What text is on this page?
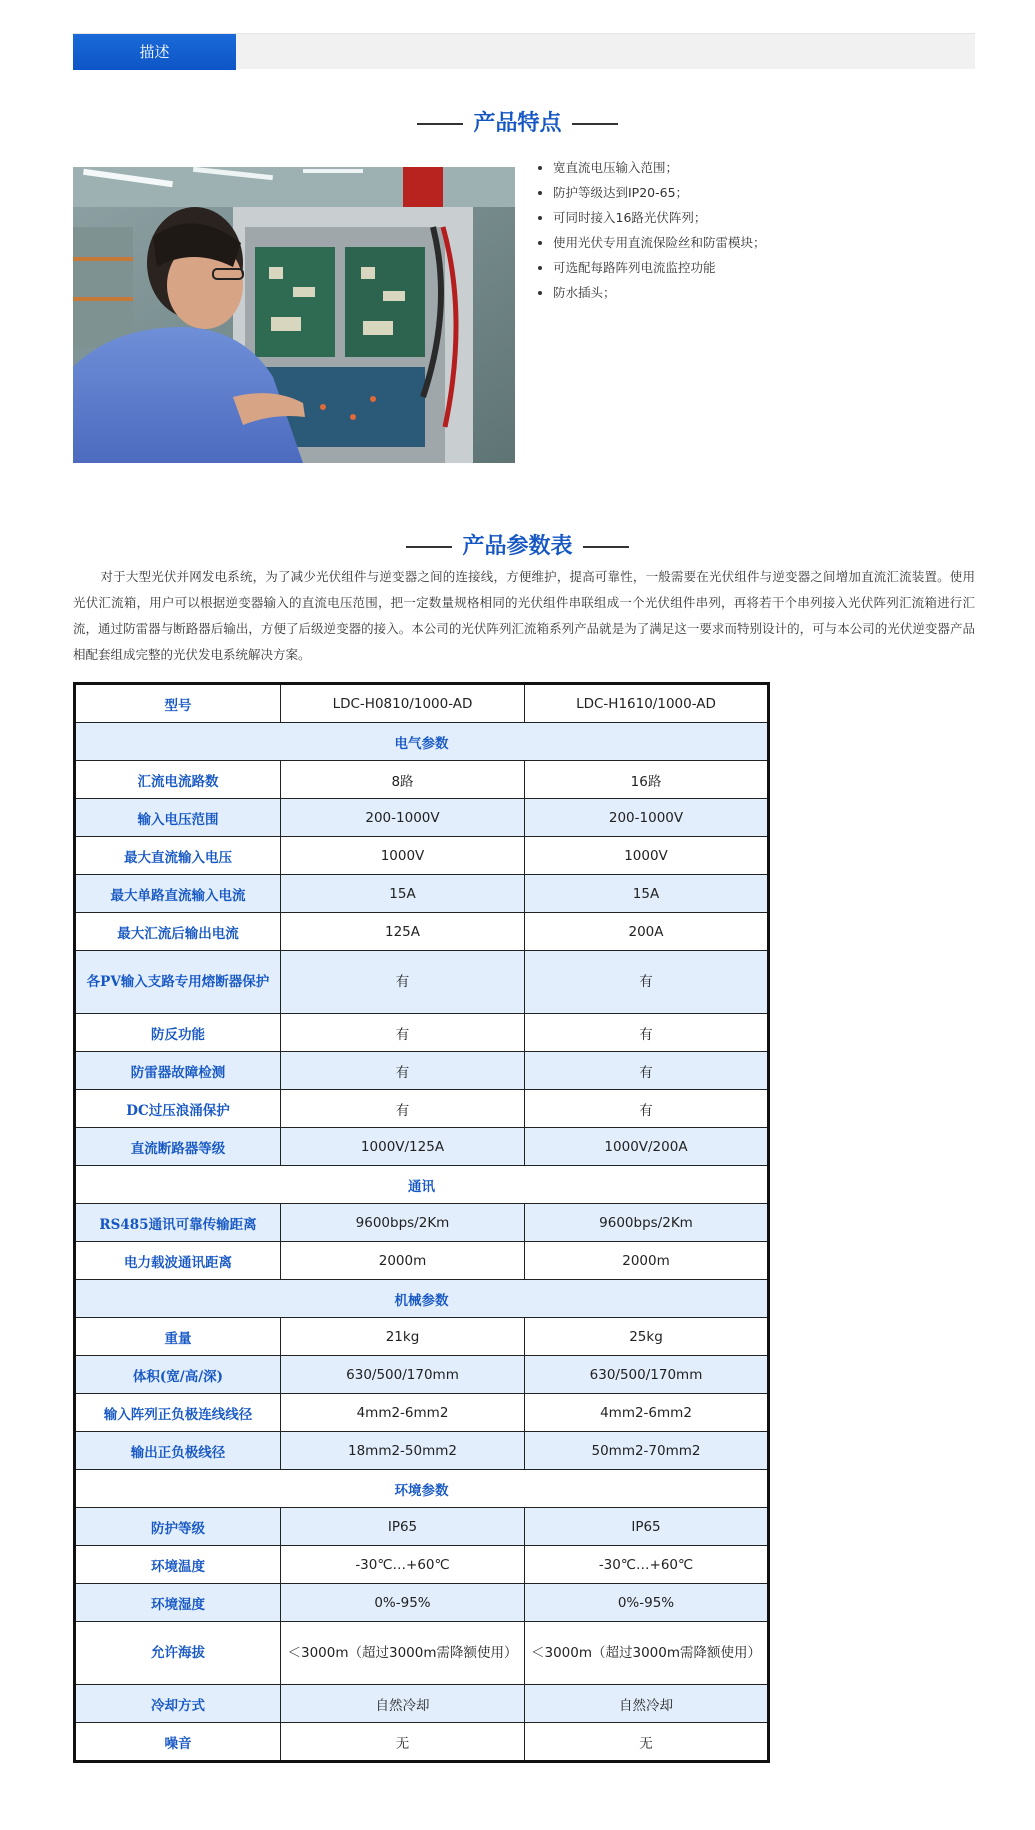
描述
产品特点
• 宽直流电压输入范围；
• 防护等级达到IP20-65；
• 可同时接入16路光伏阵列；
• 使用光伏专用直流保险丝和防雷模块；
• 可选配每路阵列电流监控功能
• 防水插头；
产品参数表

对于大型光伏并网发电系统，为了减少光伏组件与逆变器之间的连接线，方便维护，提高可靠性，一般需要在光伏组件与逆变器之间增加直流汇流装置。使用光伏汇流箱，用户可以根据逆变器输入的直流电压范围，把一定数量规格相同的光伏组件串联组成一个光伏组件串列，再将若干个串列接入光伏阵列汇流箱进行汇流，通过防雷器与断路器后输出，方便了后级逆变器的接入。本公司的光伏阵列汇流箱系列产品就是为了满足这一要求而特别设计的，可与本公司的光伏逆变器产品相配套组成完整的光伏发电系统解决方案。

型号	LDC-H0810/1000-AD	LDC-H1610/1000-AD
电气参数		
汇流电流路数	8路	16路
输入电压范围	200-1000V	200-1000V
最大直流输入电压	1000V	1000V
最大单路直流输入电流	15A	15A
最大汇流后输出电流	125A	200A
各PV输入支路专用熔断器保护	有	有
防反功能	有	有
防雷器故障检测	有	有
DC过压浪涌保护	有	有
直流断路器等级	1000V/125A	1000V/200A
通讯		
RS485通讯可靠传输距离	9600bps/2Km	9600bps/2Km
电力载波通讯距离	2000m	2000m
机械参数		
重量	21kg	25kg
体积(宽/高/深)	630/500/170mm	630/500/170mm
输入阵列正负极连线线径	4mm2-6mm2	4mm2-6mm2
输出正负极线径	18mm2-50mm2	50mm2-70mm2
环境参数		
防护等级	IP65	IP65
环境温度	-30℃…+60℃	-30℃…+60℃
环境湿度	0%-95%	0%-95%
允许海拔	＜3000m（超过3000m需降额使用）	＜3000m（超过3000m需降额使用）
冷却方式	自然冷却	自然冷却
噪音	无	无
